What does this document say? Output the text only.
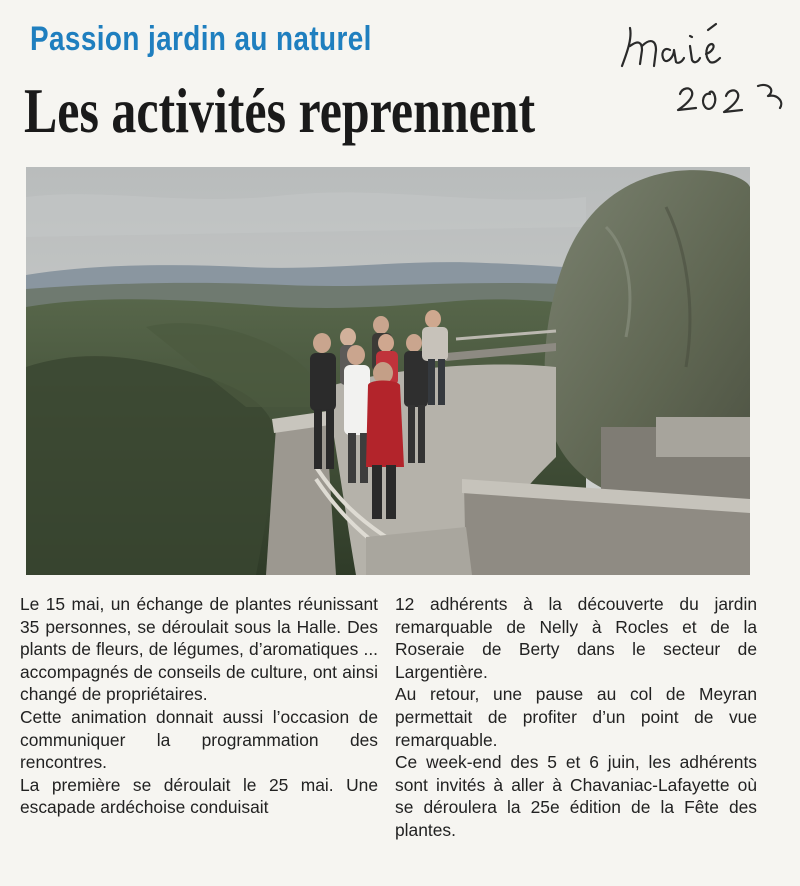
Passion jardin au naturel
Les activités reprennent

Le 15 mai, un échange de plantes réunissant 35 personnes, se déroulait sous la Halle. Des plants de fleurs, de légumes, d’aromatiques ... accompagnés de conseils de culture, ont ainsi changé de propriétaires.

Cette animation donnait aussi l’occasion de communiquer la programmation des rencontres.

La première se déroulait le 25 mai. Une escapade ardéchoise conduisait

12 adhérents à la découverte du jardin remarquable de Nelly à Rocles et de la Roseraie de Berty dans le secteur de Largentière.

Au retour, une pause au col de Meyran permettait de profiter d’un point de vue remarquable.

Ce week-end des 5 et 6 juin, les adhérents sont invités à aller à Chavaniac-Lafayette où se déroulera la 25e édition de la Fête des plantes.
